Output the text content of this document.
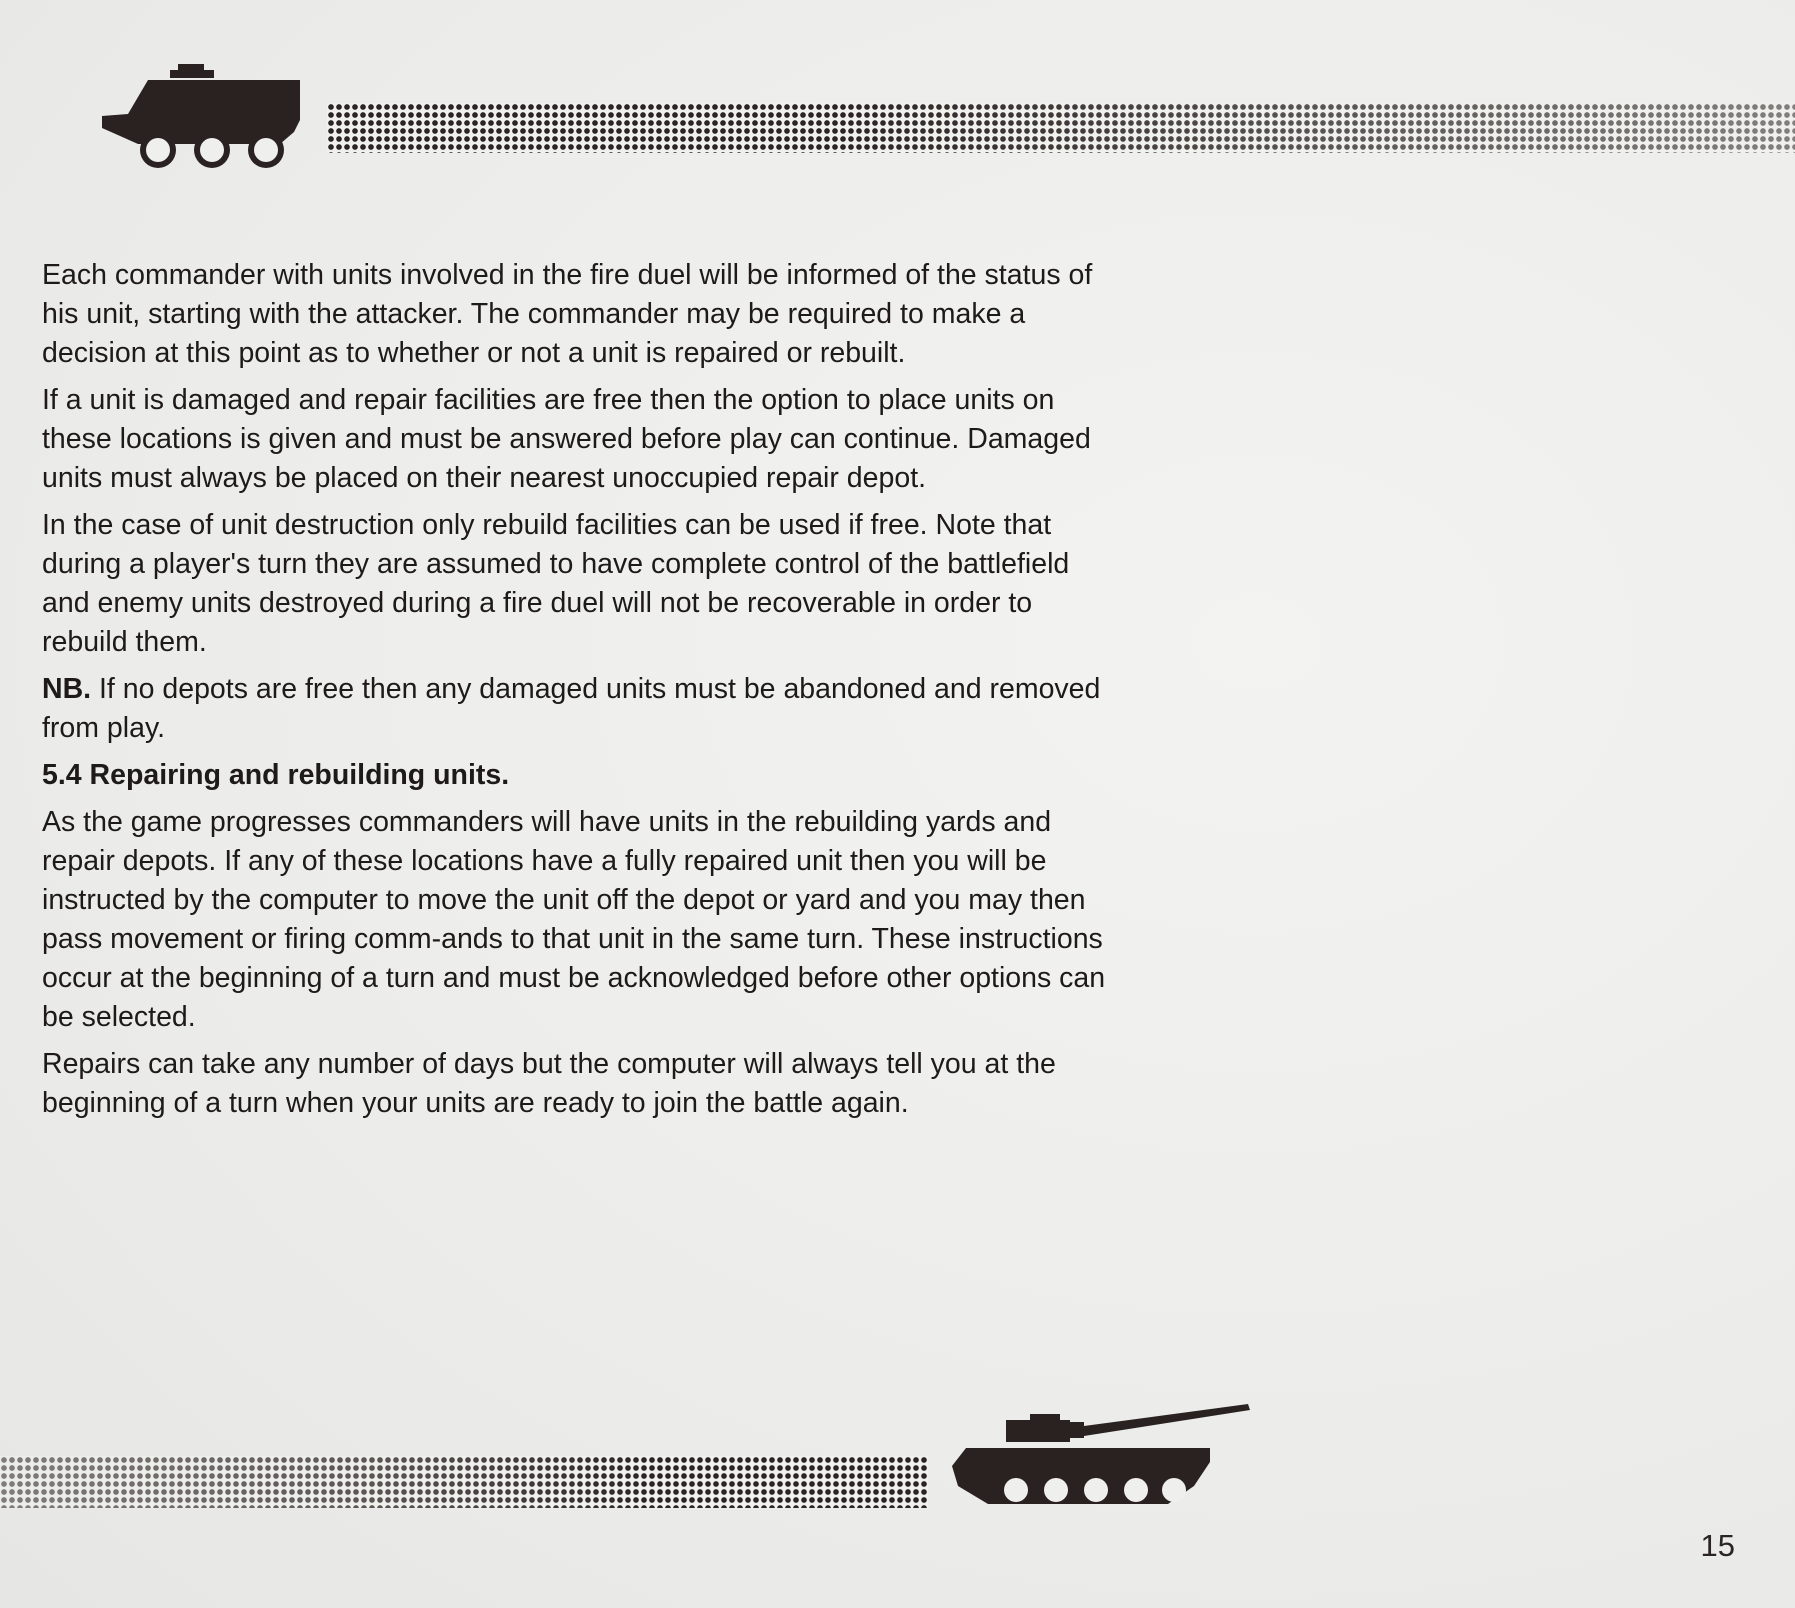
Each commander with units involved in the fire duel will be informed of the status of his unit, starting with the attacker. The commander may be required to make a decision at this point as to whether or not a unit is repaired or rebuilt.

If a unit is damaged and repair facilities are free then the option to place units on these locations is given and must be answered before play can continue. Damaged units must always be placed on their nearest unoccupied repair depot.

In the case of unit destruction only rebuild facilities can be used if free. Note that during a player's turn they are assumed to have complete control of the battlefield and enemy units destroyed during a fire duel will not be recoverable in order to rebuild them.

NB. If no depots are free then any damaged units must be abandoned and removed from play.

5.4 Repairing and rebuilding units.

As the game progresses commanders will have units in the rebuilding yards and repair depots. If any of these locations have a fully repaired unit then you will be instructed by the computer to move the unit off the depot or yard and you may then pass movement or firing comm-ands to that unit in the same turn. These instructions occur at the beginning of a turn and must be acknowledged before other options can be selected.

Repairs can take any number of days but the computer will always tell you at the beginning of a turn when your units are ready to join the battle again.

15
